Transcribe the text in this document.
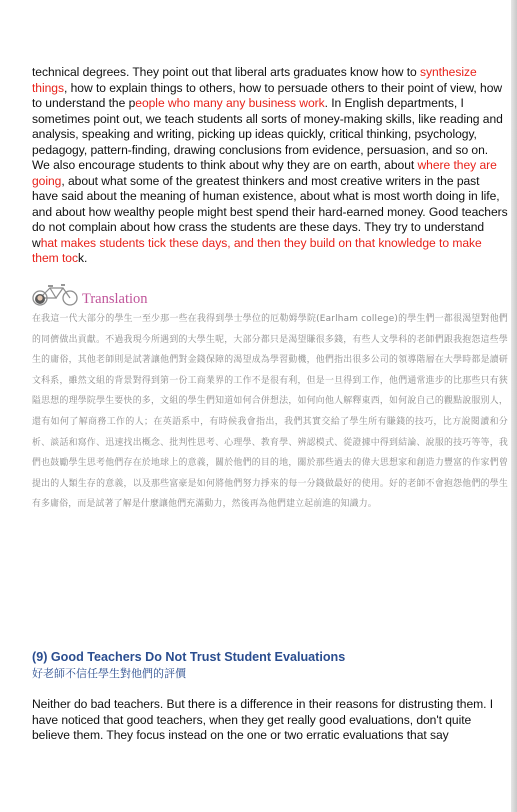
technical degrees. They point out that liberal arts graduates know how to synthesize things, how to explain things to others, how to persuade others to their point of view, how to understand the people who many any business work. In English departments, I sometimes point out, we teach students all sorts of money-making skills, like reading and analysis, speaking and writing, picking up ideas quickly, critical thinking, psychology, pedagogy, pattern-finding, drawing conclusions from evidence, persuasion, and so on. We also encourage students to think about why they are on earth, about where they are going, about what some of the greatest thinkers and most creative writers in the past have said about the meaning of human existence, about what is most worth doing in life, and about how wealthy people might best spend their hard-earned money. Good teachers do not complain about how crass the students are these days. They try to understand what makes students tick these days, and then they build on that knowledge to make them tock.

Translation

在我這一代大部分的學生一至少那一些在我得到學士學位的厄勒姆學院(Earlham college)的學生們一都很渴望對他們的同儕做出貢獻。不過我現今所遇到的大學生呢，大部分都只是渴望賺很多錢，有些人文學科的老師們跟我抱怨這些學生的庸俗，其他老師則是試著讓他們對金錢保障的渴望成為學習動機，他們指出很多公司的領導階層在大學時都是讀研文科系，雖然文組的背景對得到第一份工商業界的工作不是很有利，但是一旦得到工作，他們通常進步的比那些只有狹隘思想的理學院學生要快的多，文組的學生們知道如何合併想法，如何向他人解釋東西，如何說自己的觀點說服別人，還有如何了解商務工作的人；在英語系中，有時候我會指出，我們其實交給了學生所有賺錢的技巧，比方說閱讀和分析、談話和寫作、迅速找出概念、批判性思考、心理學、教育學、辨認模式、從證據中得到結論、說服的技巧等等，我們也鼓勵學生思考他們存在於地球上的意義，關於他們的目的地，關於那些過去的偉大思想家和創造力豐富的作家們曾提出的人類生存的意義，以及那些富豪是如何將他們努力掙來的每一分錢做最好的使用。好的老師不會抱怨他們的學生有多庸俗，而是試著了解是什麼讓他們充滿動力，然後再為他們建立起前進的知識力。

(9) Good Teachers Do Not Trust Student Evaluations
好老師不信任學生對他們的評價

Neither do bad teachers. But there is a difference in their reasons for distrusting them. I have noticed that good teachers, when they get really good evaluations, don't quite believe them. They focus instead on the one or two erratic evaluations that say
